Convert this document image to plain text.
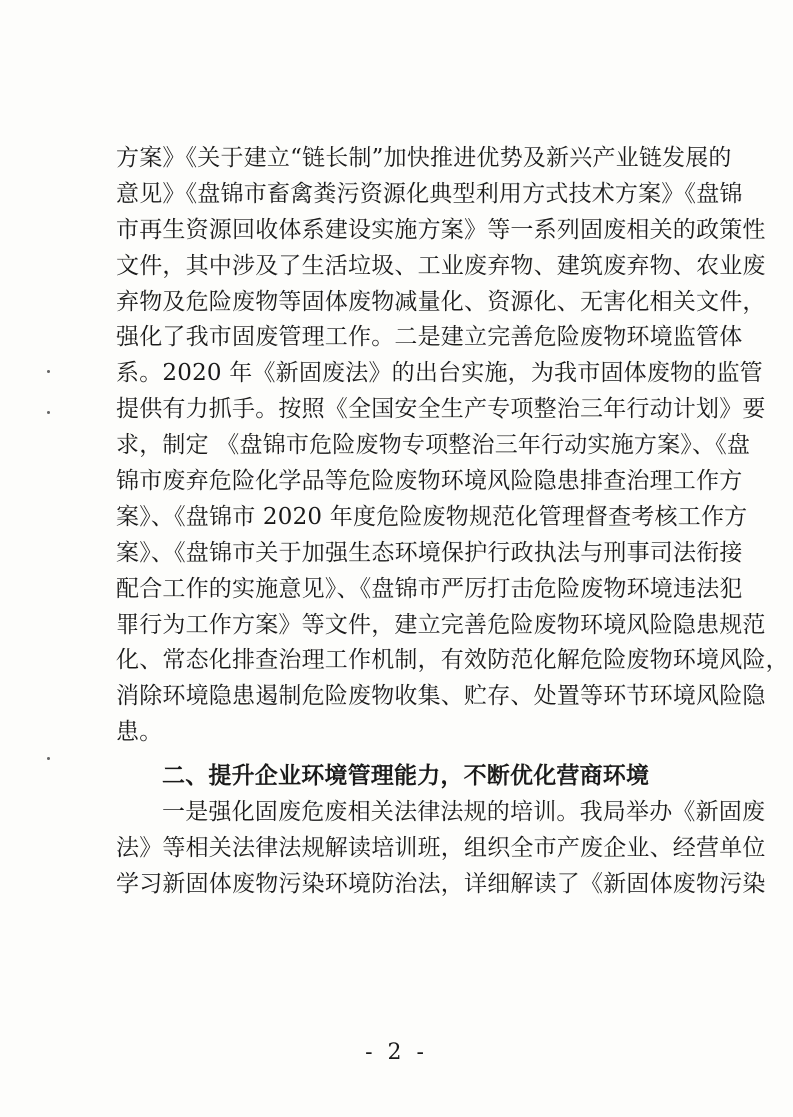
方案》《关于建立“链长制”加快推进优势及新兴产业链发展的
意见》《盘锦市畜禽粪污资源化典型利用方式技术方案》《盘锦
市再生资源回收体系建设实施方案》等一系列固废相关的政策性
文件，其中涉及了生活垃圾、工业废弃物、建筑废弃物、农业废
弃物及危险废物等固体废物减量化、资源化、无害化相关文件，
强化了我市固废管理工作。二是建立完善危险废物环境监管体
系。2020 年《新固废法》的出台实施，为我市固体废物的监管
提供有力抓手。按照《全国安全生产专项整治三年行动计划》要
求，制定 《盘锦市危险废物专项整治三年行动实施方案》、《盘
锦市废弃危险化学品等危险废物环境风险隐患排查治理工作方
案》、《盘锦市 2020 年度危险废物规范化管理督查考核工作方
案》、《盘锦市关于加强生态环境保护行政执法与刑事司法衔接
配合工作的实施意见》、《盘锦市严厉打击危险废物环境违法犯
罪行为工作方案》等文件，建立完善危险废物环境风险隐患规范
化、常态化排查治理工作机制，有效防范化解危险废物环境风险，
消除环境隐患遏制危险废物收集、贮存、处置等环节环境风险隐
患。
二、提升企业环境管理能力，不断优化营商环境
一是强化固废危废相关法律法规的培训。我局举办《新固废
法》等相关法律法规解读培训班，组织全市产废企业、经营单位
学习新固体废物污染环境防治法，详细解读了《新固体废物污染
- 2 -
